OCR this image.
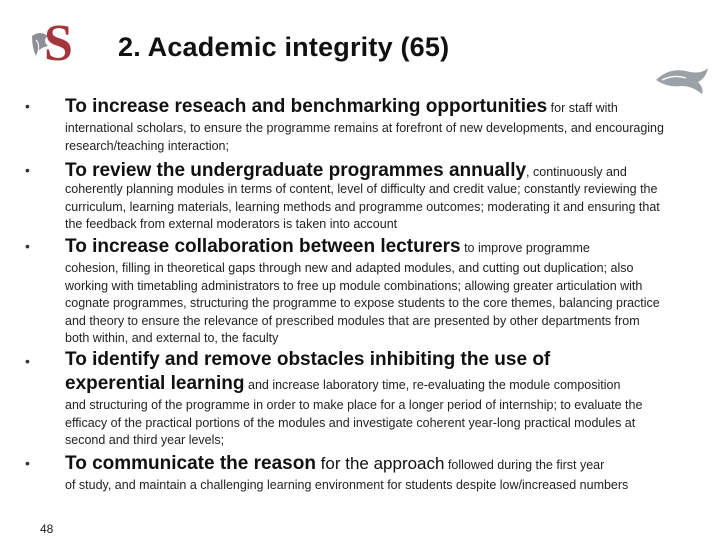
S 2. Academic integrity (65)
• To increase reseach and benchmarking opportunities for staff with
international scholars, to ensure the programme remains at forefront of new developments, and encouraging research/teaching interaction;
• To review the undergraduate programmes annually, continuously and
coherently planning modules in terms of content, level of difficulty and credit value; constantly reviewing the curriculum, learning materials, learning methods and programme outcomes; moderating it and ensuring that the feedback from external moderators is taken into account
• To increase collaboration between lecturers to improve programme
cohesion, filling in theoretical gaps through new and adapted modules, and cutting out duplication; also working with timetabling administrators to free up module combinations; allowing greater articulation with cognate programmes, structuring the programme to expose students to the core themes, balancing practice and theory to ensure the relevance of prescribed modules that are presented by other departments from both within, and external to, the faculty
• To identify and remove obstacles inhibiting the use of
experential learning and increase laboratory time, re-evaluating the module composition
and structuring of the programme in order to make place for a longer period of internship; to evaluate the efficacy of the practical portions of the modules and investigate coherent year-long practical modules at second and third year levels;
• To communicate the reason for the approach followed during the first year
of study, and maintain a challenging learning environment for students despite low/increased numbers
48
